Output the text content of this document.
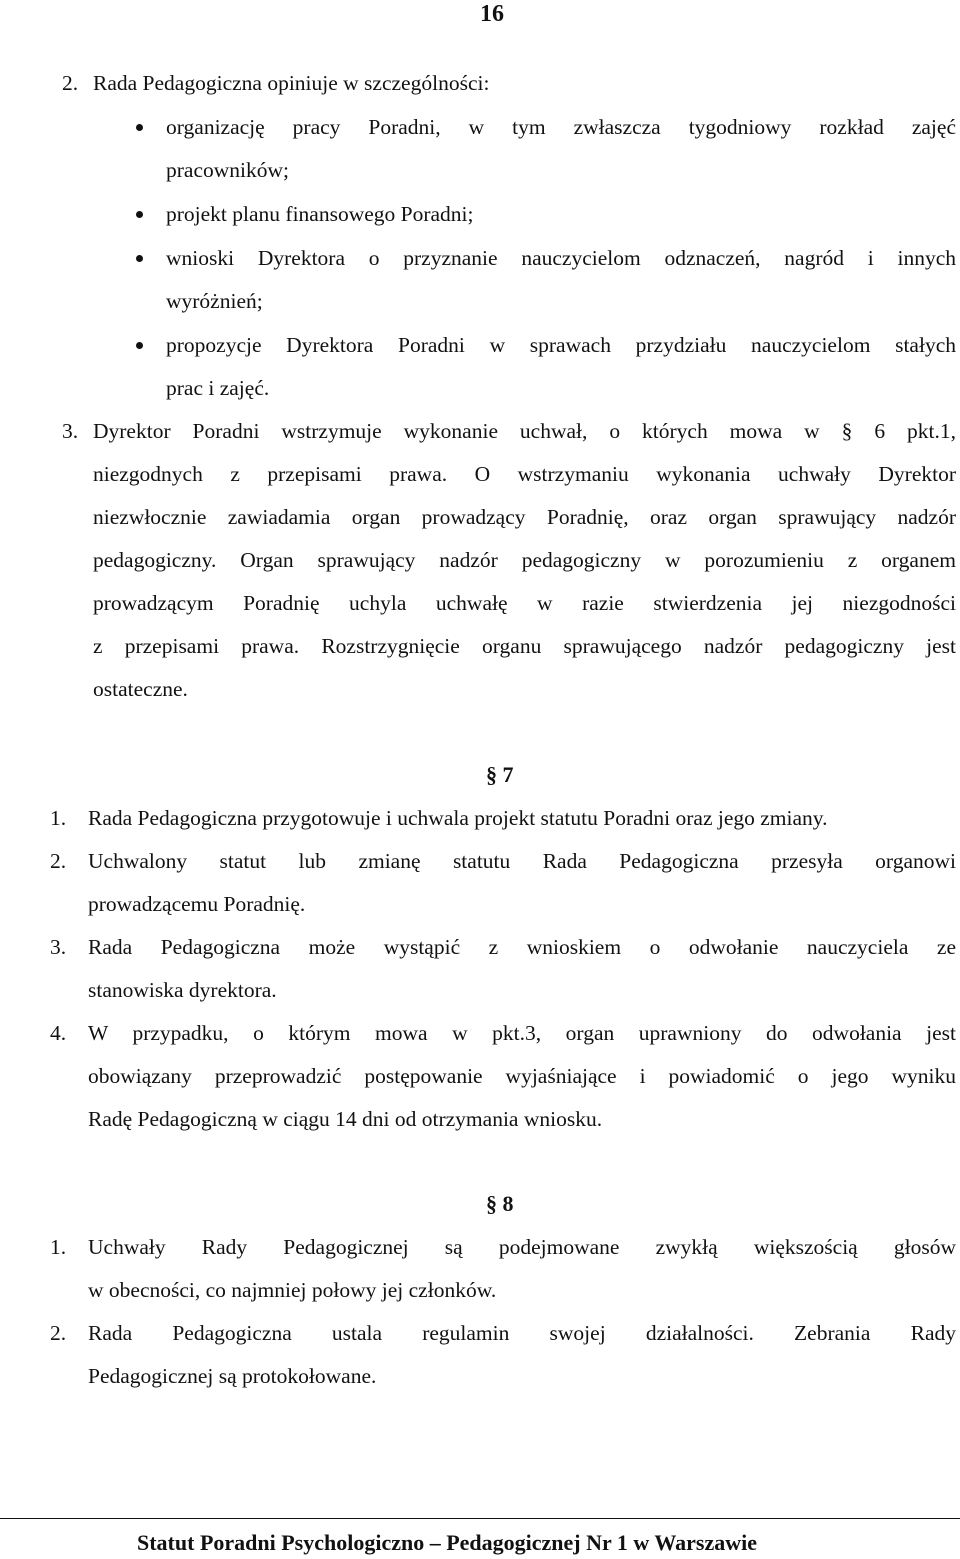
16
2. Rada Pedagogiczna opiniuje w szczególności:
organizację pracy Poradni, w tym zwłaszcza tygodniowy rozkład zajęć
pracowników;
projekt planu finansowego Poradni;
wnioski Dyrektora o przyznanie nauczycielom odznaczeń, nagród i innych
wyróżnień;
propozycje Dyrektora Poradni w sprawach przydziału nauczycielom stałych
prac i zajęć.
3. Dyrektor Poradni wstrzymuje wykonanie uchwał, o których mowa w § 6 pkt.1,
niezgodnych z przepisami prawa. O wstrzymaniu wykonania uchwały Dyrektor
niezwłocznie zawiadamia organ prowadzący Poradnię, oraz organ sprawujący nadzór
pedagogiczny. Organ sprawujący nadzór pedagogiczny w porozumieniu z organem
prowadzącym Poradnię uchyla uchwałę w razie stwierdzenia jej niezgodności
z przepisami prawa. Rozstrzygnięcie organu sprawującego nadzór pedagogiczny jest
ostateczne.
§ 7
1. Rada Pedagogiczna przygotowuje i uchwala projekt statutu Poradni oraz jego zmiany.
2. Uchwalony statut lub zmianę statutu Rada Pedagogiczna przesyła organowi
prowadzącemu Poradnię.
3. Rada Pedagogiczna może wystąpić z wnioskiem o odwołanie nauczyciela ze
stanowiska dyrektora.
4. W przypadku, o którym mowa w pkt.3, organ uprawniony do odwołania jest
obowiązany przeprowadzić postępowanie wyjaśniające i powiadomić o jego wyniku
Radę Pedagogiczną w ciągu 14 dni od otrzymania wniosku.
§ 8
1. Uchwały Rady Pedagogicznej są podejmowane zwykłą większością głosów
w obecności, co najmniej połowy jej członków.
2. Rada Pedagogiczna ustala regulamin swojej działalności. Zebrania Rady
Pedagogicznej są protokołowane.
Statut Poradni Psychologiczno – Pedagogicznej Nr 1 w Warszawie
